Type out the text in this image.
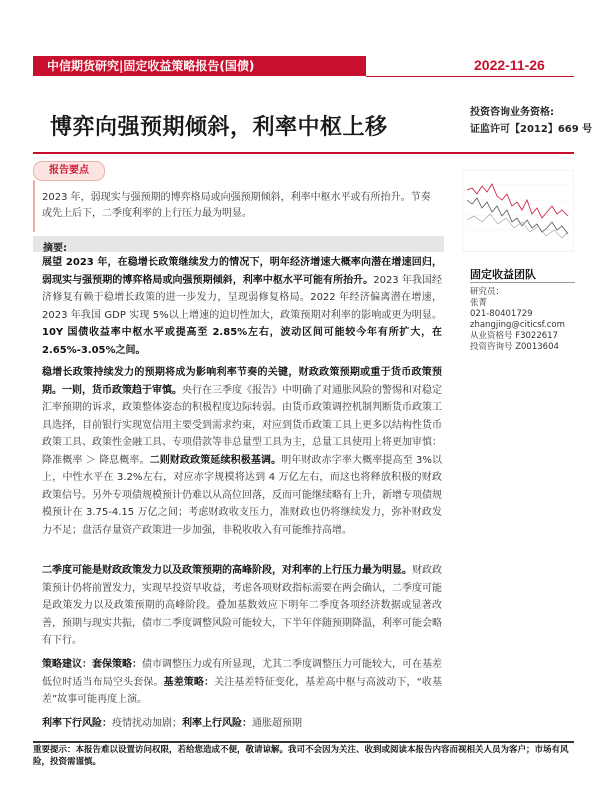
中信期货研究|固定收益策略报告(国债)	2022-11-26
博弈向强预期倾斜，利率中枢上移
投资咨询业务资格:
证监许可【2012】669 号
报告要点
2023 年，弱现实与强预期的博弈格局或向强预期倾斜，利率中枢水平或有所抬升。节奏或先上后下，二季度利率的上行压力最为明显。
摘要:
展望 2023 年，在稳增长政策继续发力的情况下，明年经济增速大概率向潜在增速回归，弱现实与强预期的博弈格局或向强预期倾斜，利率中枢水平可能有所抬升。2023 年我国经济修复有赖于稳增长政策的进一步发力，呈现弱修复格局。2022 年经济偏离潜在增速，2023 年我国 GDP 实现 5%以上增速的迫切性加大，政策预期对利率的影响或更为明显。10Y 国债收益率中枢水平或提高至 2.85%左右，波动区间可能较今年有所扩大，在 2.65%-3.05%之间。
稳增长政策持续发力的预期将成为影响利率节奏的关键，财政政策预期或重于货币政策预期。一则，货币政策趋于审慎。央行在三季度《报告》中明确了对通胀风险的警惕和对稳定汇率预期的诉求，政策整体姿态的积极程度边际转弱。由货币政策调控机制判断货币政策工具选择，目前银行实现宽信用主要受到需求约束，对应到货币政策工具上更多以结构性货币政策工具、政策性金融工具、专项借款等非总量型工具为主，总量工具使用上将更加审慎：降准概率 ＞ 降息概率。二则财政政策延续积极基调。明年财政赤字率大概率提高至 3%以上，中性水平在 3.2%左右，对应赤字规模将达到 4 万亿左右，而这也将释放积极的财政政策信号。另外专项债规模预计仍难以从高位回落，反而可能继续略有上升，新增专项债规模预计在 3.75-4.15 万亿之间；考虑财政收支压力，准财政也仍将继续发力，弥补财政发力不足；盘活存量资产政策进一步加强，非税收收入有可能维持高增。
二季度可能是财政政策发力以及政策预期的高峰阶段，对利率的上行压力最为明显。财政政策预计仍将前置发力，实现早投资早收益，考虑各项财政指标需要在两会确认，二季度可能是政策发力以及政策预期的高峰阶段。叠加基数效应下明年二季度各项经济数据或显著改善，预期与现实共振，债市二季度调整风险可能较大，下半年伴随预期降温，利率可能会略有下行。
策略建议：套保策略：债市调整压力或有所显现，尤其二季度调整压力可能较大，可在基差低位时适当布局空头套保。基差策略：关注基差特征变化，基差高中枢与高波动下，“收基差”故事可能再度上演。
利率下行风险：疫情扰动加剧；利率上行风险：通胀超预期
固定收益团队
研究员：
张菁
021-80401729
zhangjing@citicsf.com
从业资格号 F3022617
投资咨询号 Z0013604
重要提示：本报告难以设置访问权限，若给您造成不便，敬请谅解。我司不会因为关注、收到或阅读本报告内容而视相关人员为客户；市场有风险，投资需谨慎。
